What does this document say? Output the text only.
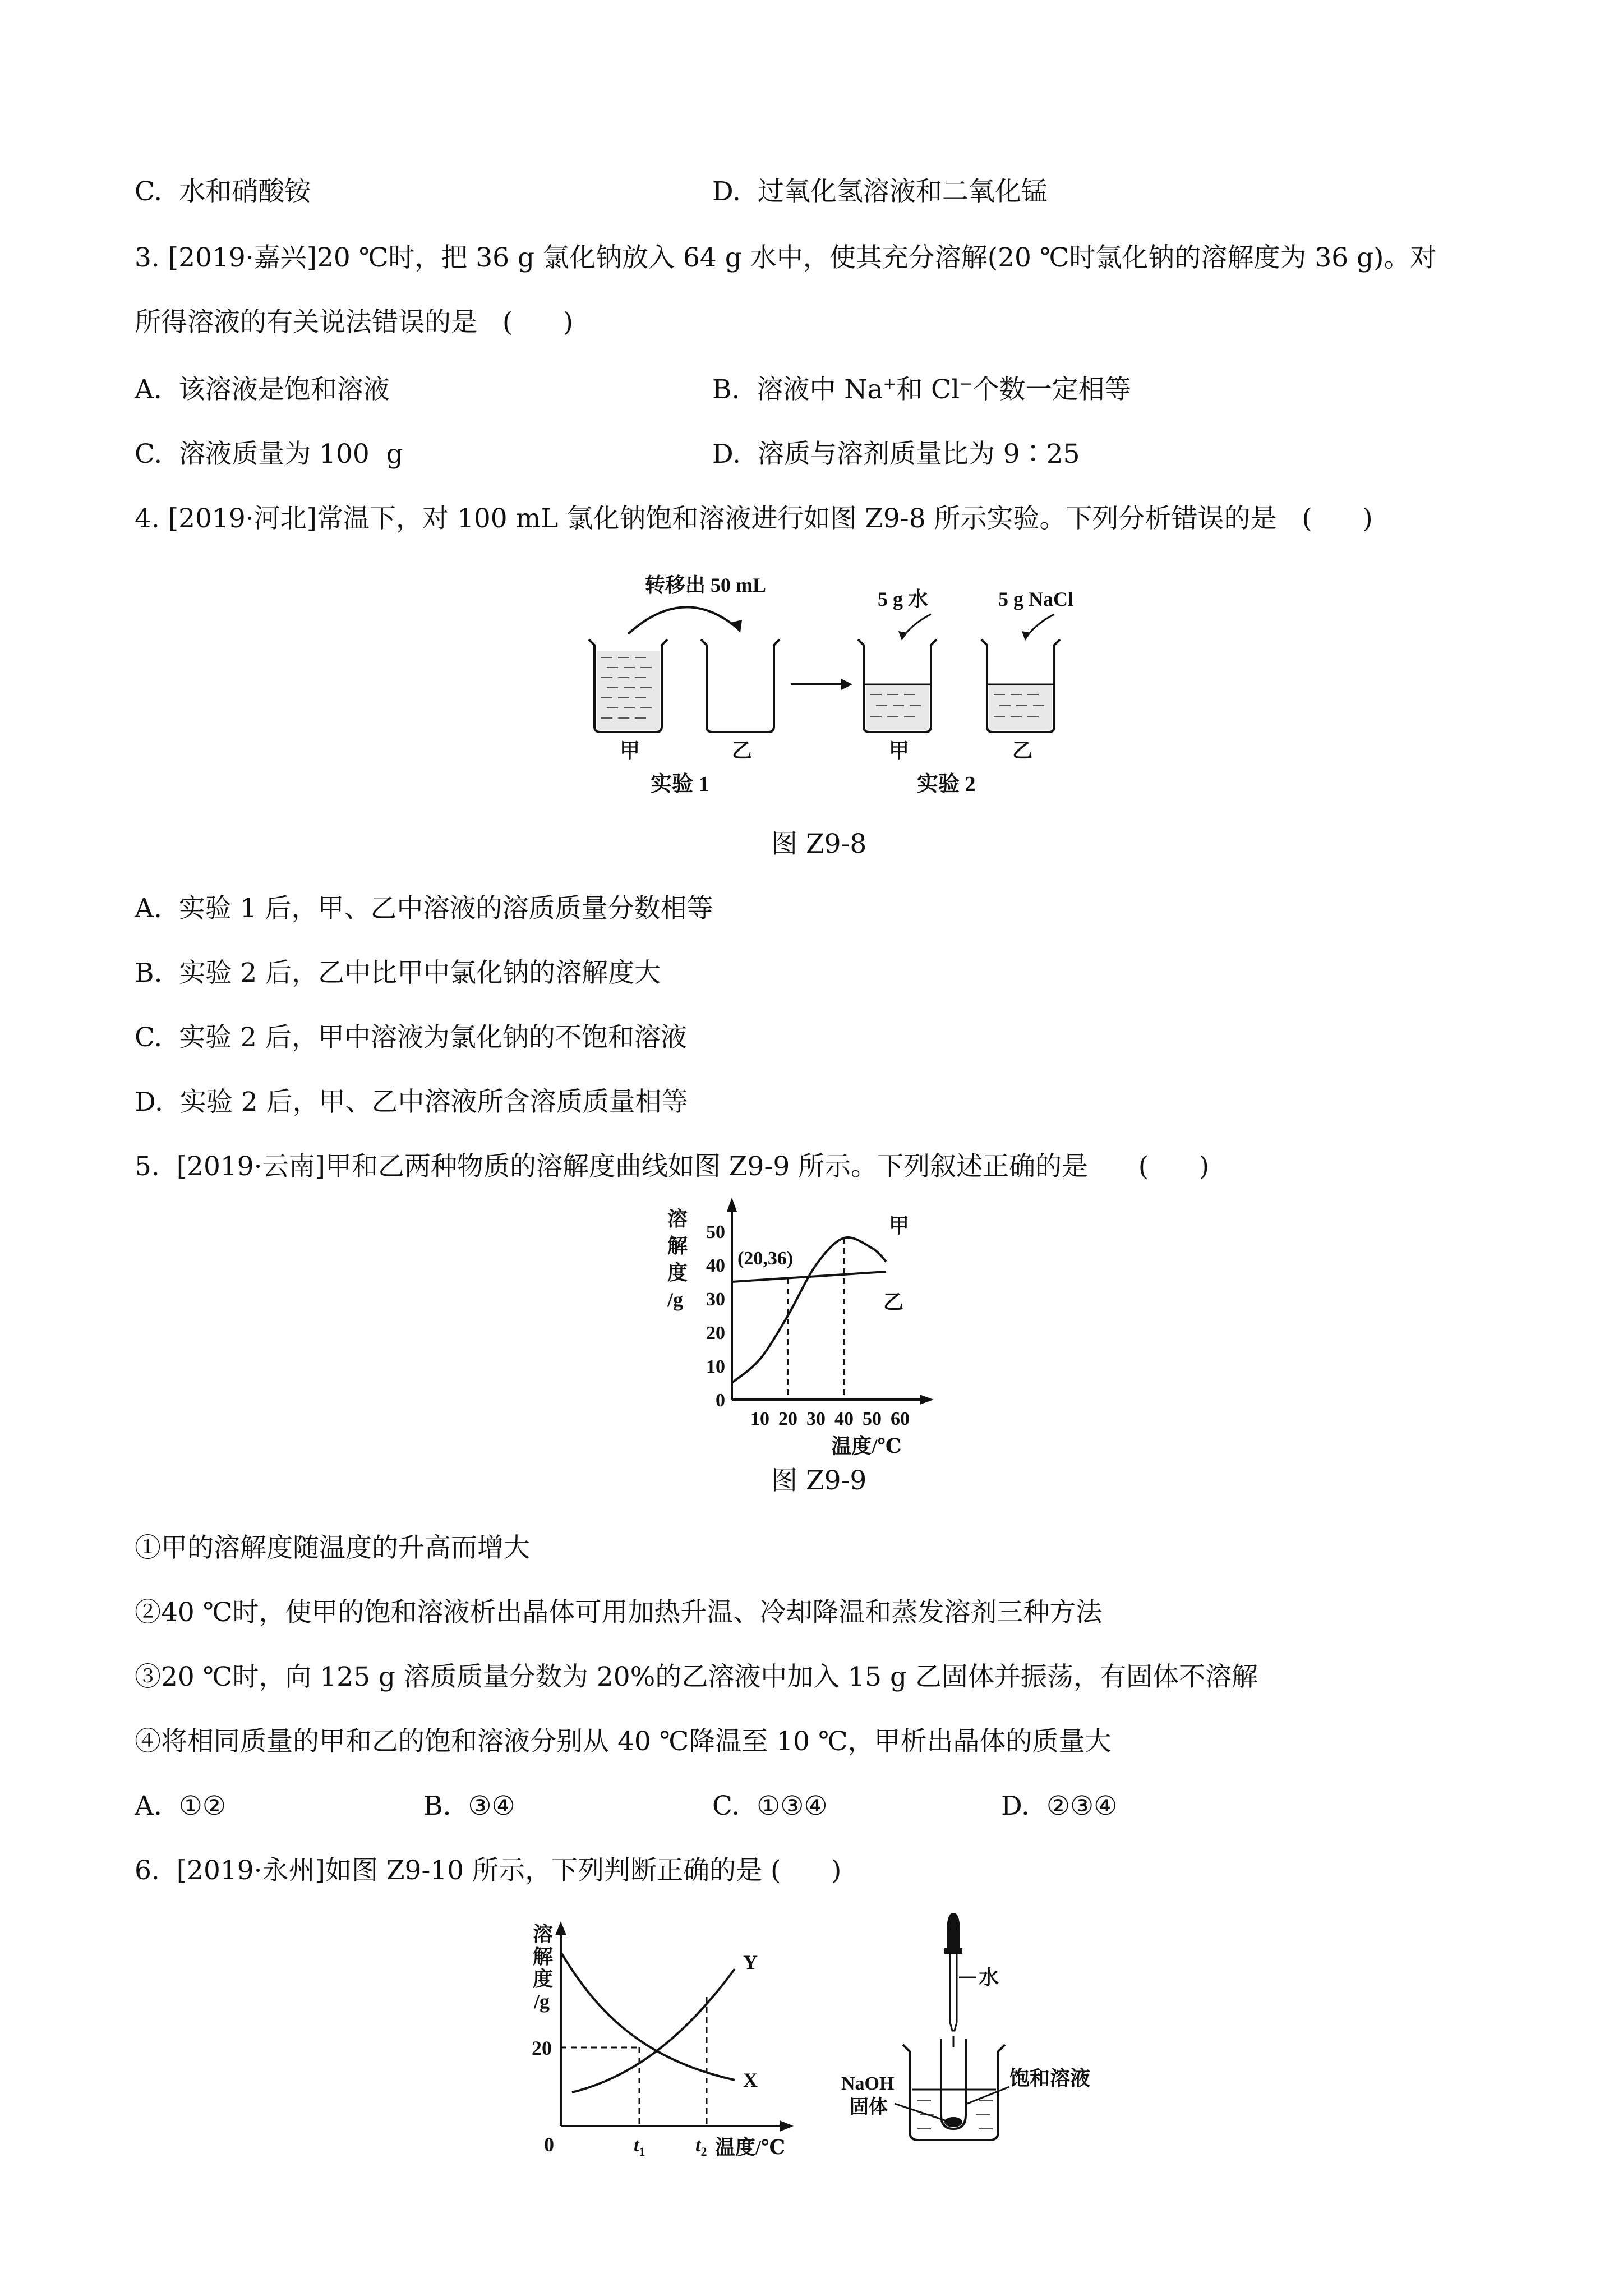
C.  水和硝酸铵	D.  过氧化氢溶液和二氧化锰
3. [2019·嘉兴]20 ℃时，把 36 g 氯化钠放入 64 g 水中，使其充分溶解(20 ℃时氯化钠的溶解度为 36 g)。对
所得溶液的有关说法错误的是   (      )
A.  该溶液是饱和溶液	B.  溶液中 Na+和 Cl−个数一定相等
C.  溶液质量为 100  g	D.  溶质与溶剂质量比为 9∶25
4. [2019·河北]常温下，对 100 mL 氯化钠饱和溶液进行如图 Z9-8 所示实验。下列分析错误的是   (      )
转移出 50 mL
5 g 水	5 g NaCl
甲	乙	甲	乙
实验 1	实验 2
图 Z9-8
A.  实验 1 后，甲、乙中溶液的溶质质量分数相等
B.  实验 2 后，乙中比甲中氯化钠的溶解度大
C.  实验 2 后，甲中溶液为氯化钠的不饱和溶液
D.  实验 2 后，甲、乙中溶液所含溶质质量相等
5.  [2019·云南]甲和乙两种物质的溶解度曲线如图 Z9-9 所示。下列叙述正确的是      (      )
溶
解
度
/g
0
10
20
30
40
50
10 20 30 40 50 60
温度/℃
甲
乙
(20,36)
图 Z9-9
①甲的溶解度随温度的升高而增大
②40 ℃时，使甲的饱和溶液析出晶体可用加热升温、冷却降温和蒸发溶剂三种方法
③20 ℃时，向 125 g 溶质质量分数为 20%的乙溶液中加入 15 g 乙固体并振荡，有固体不溶解
④将相同质量的甲和乙的饱和溶液分别从 40 ℃降温至 10 ℃，甲析出晶体的质量大
A.  ①②	B.  ③④	C.  ①③④	D.  ②③④
6.  [2019·永州]如图 Z9-10 所示，下列判断正确的是 (      )
溶
解
度
/g
20
0
Y
X
$t_1$	$t_2$ 温度/℃
水
NaOH
固体
饱和溶液
